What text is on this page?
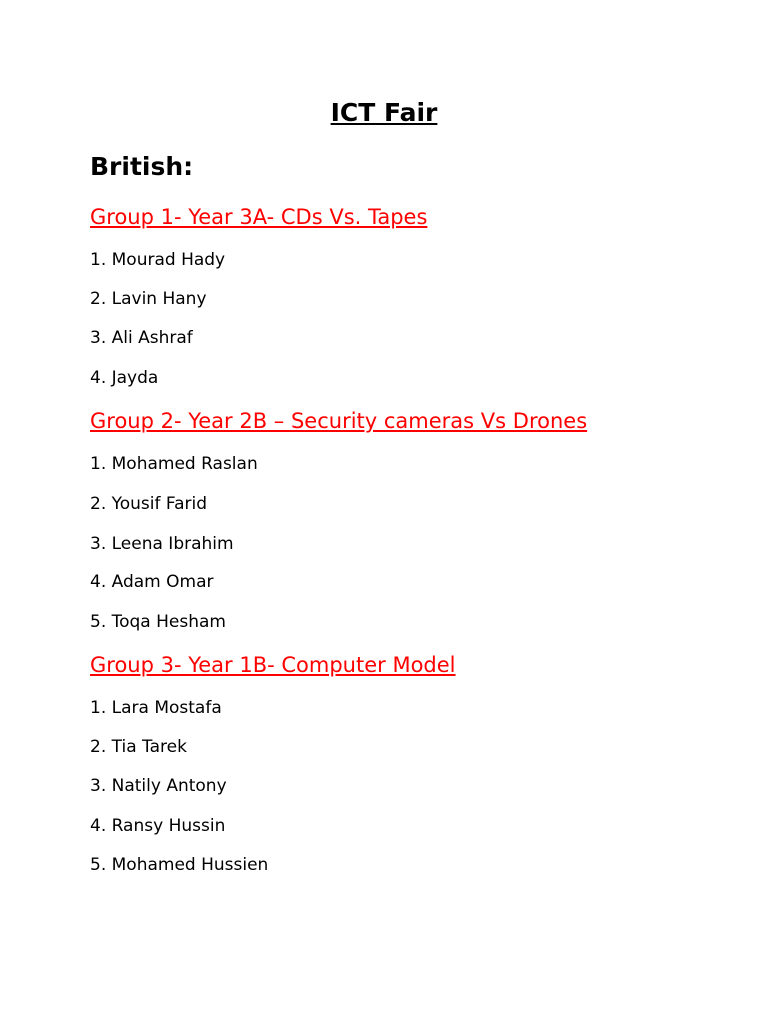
ICT Fair
British:
Group 1- Year 3A- CDs Vs. Tapes
1. Mourad Hady
2. Lavin Hany
3. Ali Ashraf
4. Jayda
Group 2- Year 2B – Security cameras Vs Drones
1. Mohamed Raslan
2. Yousif Farid
3. Leena Ibrahim
4. Adam Omar
5. Toqa Hesham
Group 3- Year 1B- Computer Model
1. Lara Mostafa
2. Tia Tarek
3. Natily Antony
4. Ransy Hussin
5. Mohamed Hussien
